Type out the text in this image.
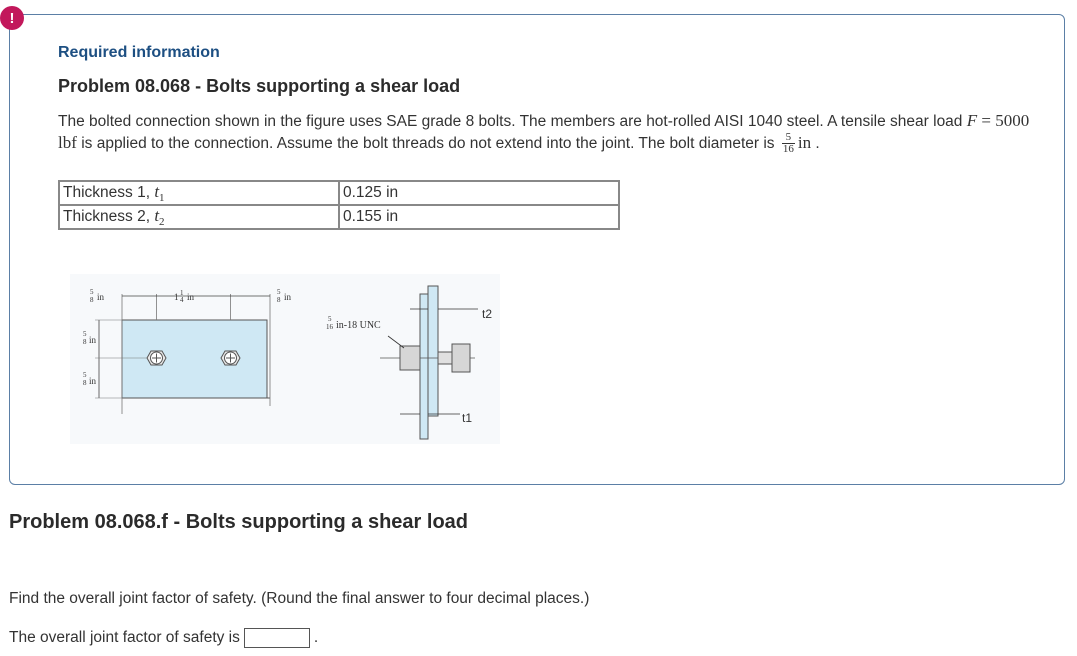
!
Required information
Problem 08.068 - Bolts supporting a shear load
The bolted connection shown in the figure uses SAE grade 8 bolts. The members are hot-rolled AISI 1040 steel. A tensile shear load F = 5000 lbf is applied to the connection. Assume the bolt threads do not extend into the joint. The bolt diameter is $\frac{5}{16}$ in .
Thickness 1, $t_1$	0.125 in
Thickness 2, $t_2$	0.155 in
5
8 in	1 1
4 in	5
8 in
5
8 in
5
8 in
5
16 in-18 UNC
t2
t1
Problem 08.068.f - Bolts supporting a shear load
Find the overall joint factor of safety. (Round the final answer to four decimal places.)
The overall joint factor of safety is	.
